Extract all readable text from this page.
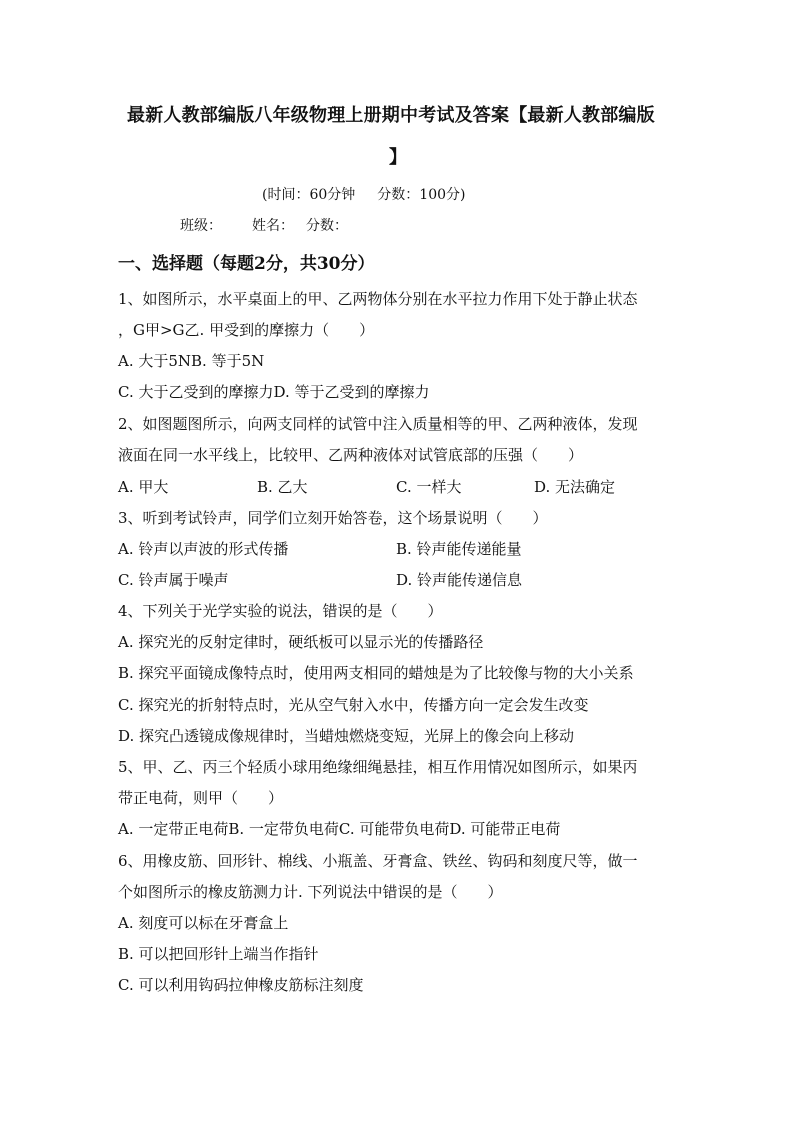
最新人教部编版八年级物理上册期中考试及答案【最新人教部编版
】
(时间：60分钟 分数：100分)
班级： 姓名： 分数：
一、选择题（每题2分，共30分）
1、如图所示，水平桌面上的甲、乙两物体分别在水平拉力作用下处于静止状态
，G甲>G乙. 甲受到的摩擦力（　　）
A. 大于5NB. 等于5N
C. 大于乙受到的摩擦力D. 等于乙受到的摩擦力
2、如图题图所示，向两支同样的试管中注入质量相等的甲、乙两种液体，发现
液面在同一水平线上，比较甲、乙两种液体对试管底部的压强（　　）
A. 甲大	B. 乙大	C. 一样大	D. 无法确定
3、听到考试铃声，同学们立刻开始答卷，这个场景说明（　　）
A. 铃声以声波的形式传播	B. 铃声能传递能量
C. 铃声属于噪声	D. 铃声能传递信息
4、下列关于光学实验的说法，错误的是（　　）
A. 探究光的反射定律时，硬纸板可以显示光的传播路径
B. 探究平面镜成像特点时，使用两支相同的蜡烛是为了比较像与物的大小关系
C. 探究光的折射特点时，光从空气射入水中，传播方向一定会发生改变
D. 探究凸透镜成像规律时，当蜡烛燃烧变短，光屏上的像会向上移动
5、甲、乙、丙三个轻质小球用绝缘细绳悬挂，相互作用情况如图所示，如果丙
带正电荷，则甲（　　）
A. 一定带正电荷B. 一定带负电荷C. 可能带负电荷D. 可能带正电荷
6、用橡皮筋、回形针、棉线、小瓶盖、牙膏盒、铁丝、钩码和刻度尺等，做一
个如图所示的橡皮筋测力计. 下列说法中错误的是（　　）
A. 刻度可以标在牙膏盒上
B. 可以把回形针上端当作指针
C. 可以利用钩码拉伸橡皮筋标注刻度
